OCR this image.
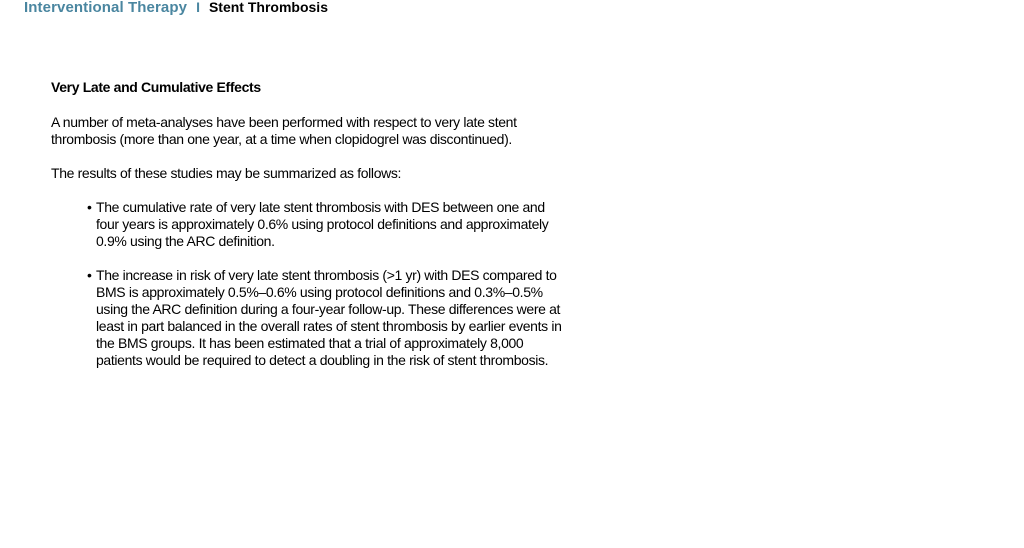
Interventional Therapy I Stent Thrombosis
Very Late and Cumulative Effects

A number of meta-analyses have been performed with respect to very late stent thrombosis (more than one year, at a time when clopidogrel was discontinued).

The results of these studies may be summarized as follows:

• The cumulative rate of very late stent thrombosis with DES between one and four years is approximately 0.6% using protocol definitions and approximately 0.9% using the ARC definition.
• The increase in risk of very late stent thrombosis (>1 yr) with DES compared to BMS is approximately 0.5%–0.6% using protocol definitions and 0.3%–0.5% using the ARC definition during a four-year follow-up. These differences were at least in part balanced in the overall rates of stent thrombosis by earlier events in the BMS groups. It has been estimated that a trial of approximately 8,000 patients would be required to detect a doubling in the risk of stent thrombosis.
